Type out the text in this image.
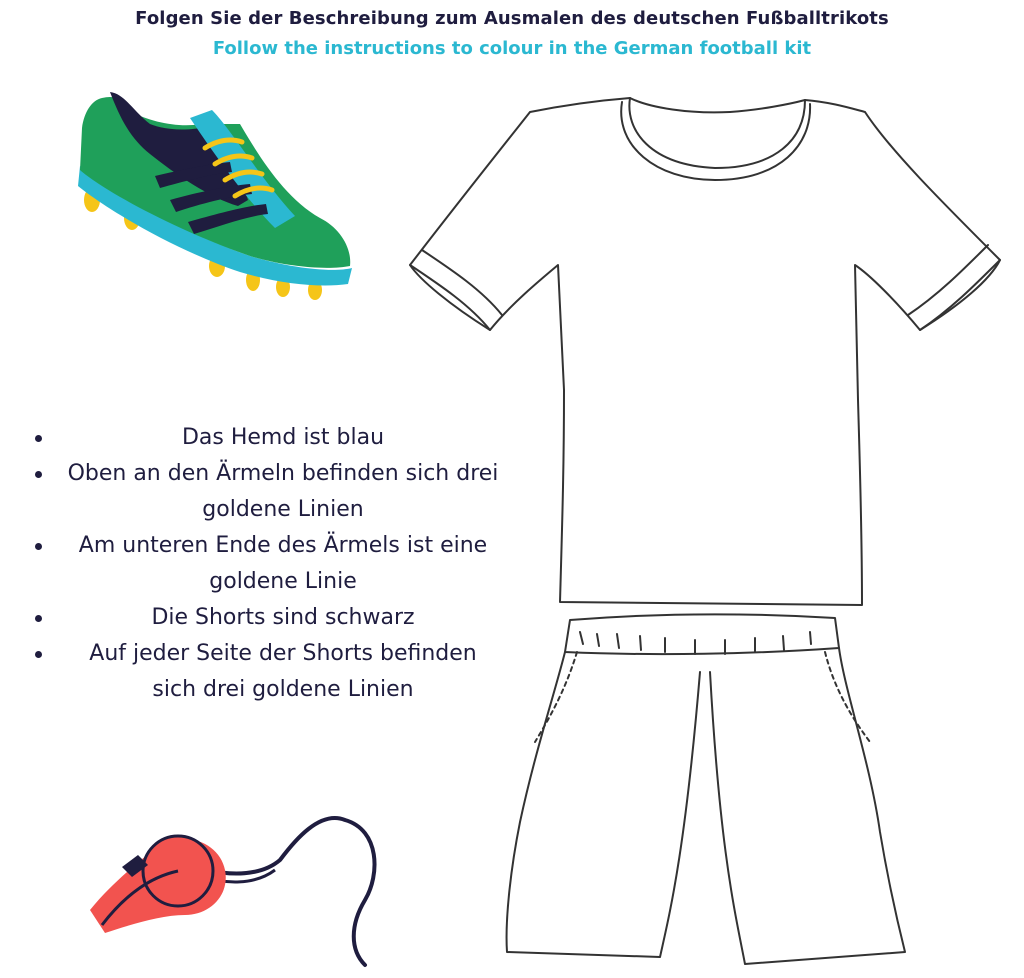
Folgen Sie der Beschreibung zum Ausmalen des deutschen Fußballtrikots
Follow the instructions to colour in the German football kit
Das Hemd ist blau
Oben an den Ärmeln befinden sich drei goldene Linien
Am unteren Ende des Ärmels ist eine goldene Linie
Die Shorts sind schwarz
Auf jeder Seite der Shorts befinden sich drei goldene Linien
